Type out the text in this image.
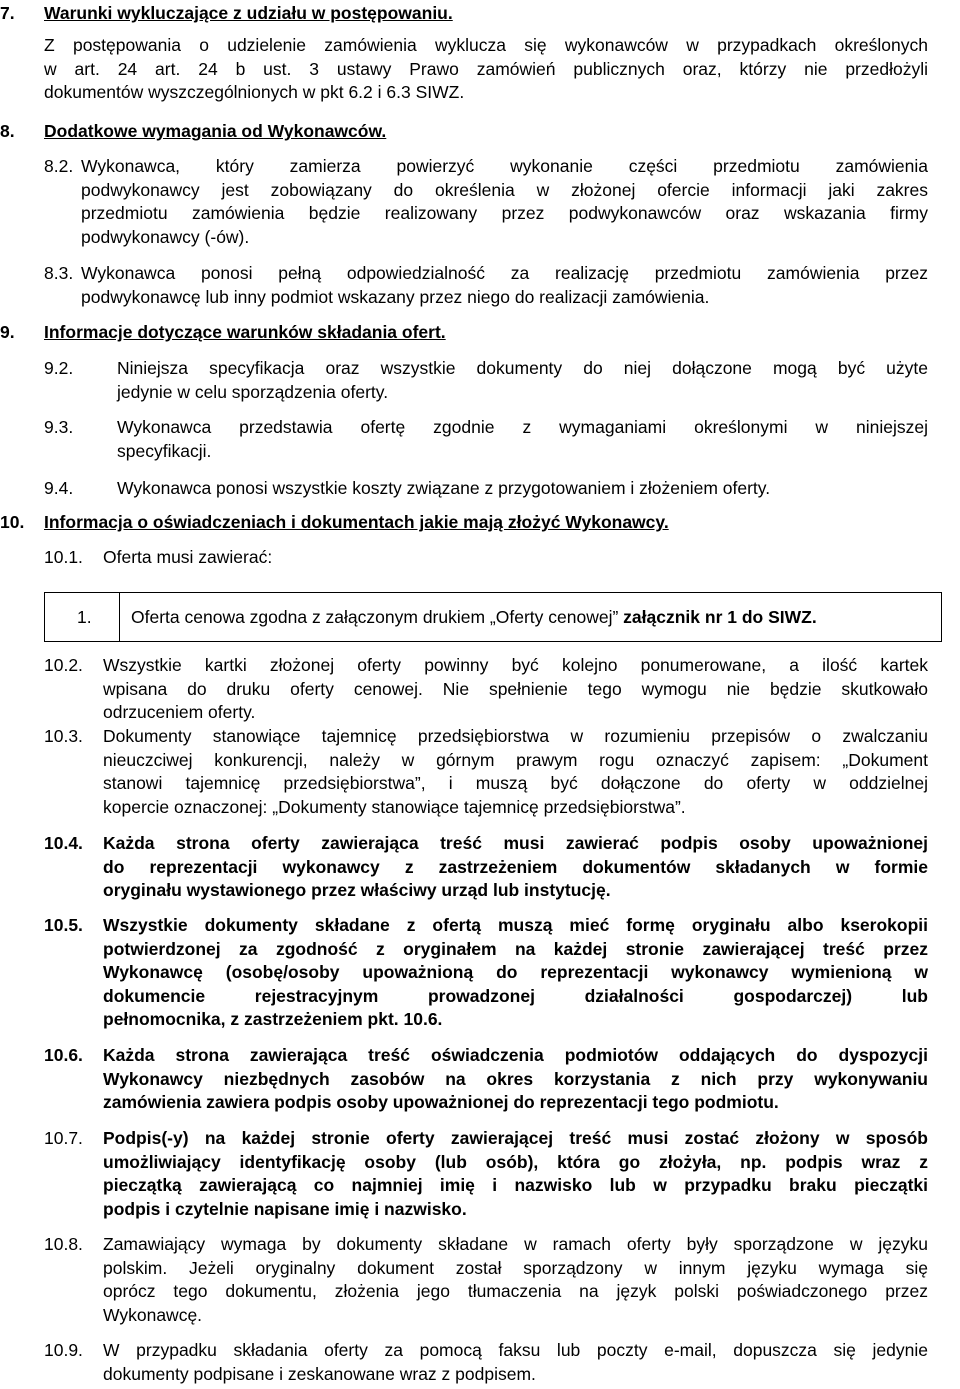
7. Warunki wykluczające z udziału w postępowaniu.
Z postępowania o udzielenie zamówienia wyklucza się wykonawców w przypadkach określonych
w art. 24 art. 24 b ust. 3 ustawy Prawo zamówień publicznych oraz, którzy nie przedłożyli
dokumentów wyszczególnionych w pkt 6.2 i 6.3 SIWZ.
8. Dodatkowe wymagania od Wykonawców.
8.2. Wykonawca, który zamierza powierzyć wykonanie części przedmiotu zamówienia
podwykonawcy jest zobowiązany do określenia w złożonej ofercie informacji jaki zakres
przedmiotu zamówienia będzie realizowany przez podwykonawców oraz wskazania firmy
podwykonawcy (-ów).
8.3. Wykonawca ponosi pełną odpowiedzialność za realizację przedmiotu zamówienia przez
podwykonawcę lub inny podmiot wskazany przez niego do realizacji zamówienia.
9. Informacje dotyczące warunków składania ofert.
9.2.	Niniejsza specyfikacja oraz wszystkie dokumenty do niej dołączone mogą być użyte
jedynie w celu sporządzenia oferty.
9.3.	Wykonawca przedstawia ofertę zgodnie z wymaganiami określonymi w niniejszej
specyfikacji.
9.4.	Wykonawca ponosi wszystkie koszty związane z przygotowaniem i złożeniem oferty.
10. Informacja o oświadczeniach i dokumentach jakie mają złożyć Wykonawcy.
10.1. Oferta musi zawierać:
1. Oferta cenowa zgodna z załączonym drukiem „Oferty cenowej” załącznik nr 1 do SIWZ.
10.2. Wszystkie kartki złożonej oferty powinny być kolejno ponumerowane, a ilość kartek
wpisana do druku oferty cenowej. Nie spełnienie tego wymogu nie będzie skutkowało
odrzuceniem oferty.
10.3. Dokumenty stanowiące tajemnicę przedsiębiorstwa w rozumieniu przepisów o zwalczaniu
nieuczciwej konkurencji, należy w górnym prawym rogu oznaczyć zapisem: „Dokument
stanowi tajemnicę przedsiębiorstwa”, i muszą być dołączone do oferty w oddzielnej
kopercie oznaczonej: „Dokumenty stanowiące tajemnicę przedsiębiorstwa”.
10.4. Każda strona oferty zawierająca treść musi zawierać podpis osoby upoważnionej
do reprezentacji wykonawcy z zastrzeżeniem dokumentów składanych w formie
oryginału wystawionego przez właściwy urząd lub instytucję.
10.5. Wszystkie dokumenty składane z ofertą muszą mieć formę oryginału albo kserokopii
potwierdzonej za zgodność z oryginałem na każdej stronie zawierającej treść przez
Wykonawcę (osobę/osoby upoważnioną do reprezentacji wykonawcy wymienioną w
dokumencie rejestracyjnym prowadzonej działalności gospodarczej) lub
pełnomocnika, z zastrzeżeniem pkt. 10.6.
10.6. Każda strona zawierająca treść oświadczenia podmiotów oddających do dyspozycji
Wykonawcy niezbędnych zasobów na okres korzystania z nich przy wykonywaniu
zamówienia zawiera podpis osoby upoważnionej do reprezentacji tego podmiotu.
10.7. Podpis(-y) na każdej stronie oferty zawierającej treść musi zostać złożony w sposób
umożliwiający identyfikację osoby (lub osób), która go złożyła, np. podpis wraz z
pieczątką zawierającą co najmniej imię i nazwisko lub w przypadku braku pieczątki
podpis i czytelnie napisane imię i nazwisko.
10.8. Zamawiający wymaga by dokumenty składane w ramach oferty były sporządzone w języku
polskim. Jeżeli oryginalny dokument został sporządzony w innym języku wymaga się
oprócz tego dokumentu, złożenia jego tłumaczenia na język polski poświadczonego przez
Wykonawcę.
10.9. W przypadku składania oferty za pomocą faksu lub poczty e-mail, dopuszcza się jedynie
dokumenty podpisane i zeskanowane wraz z podpisem.
